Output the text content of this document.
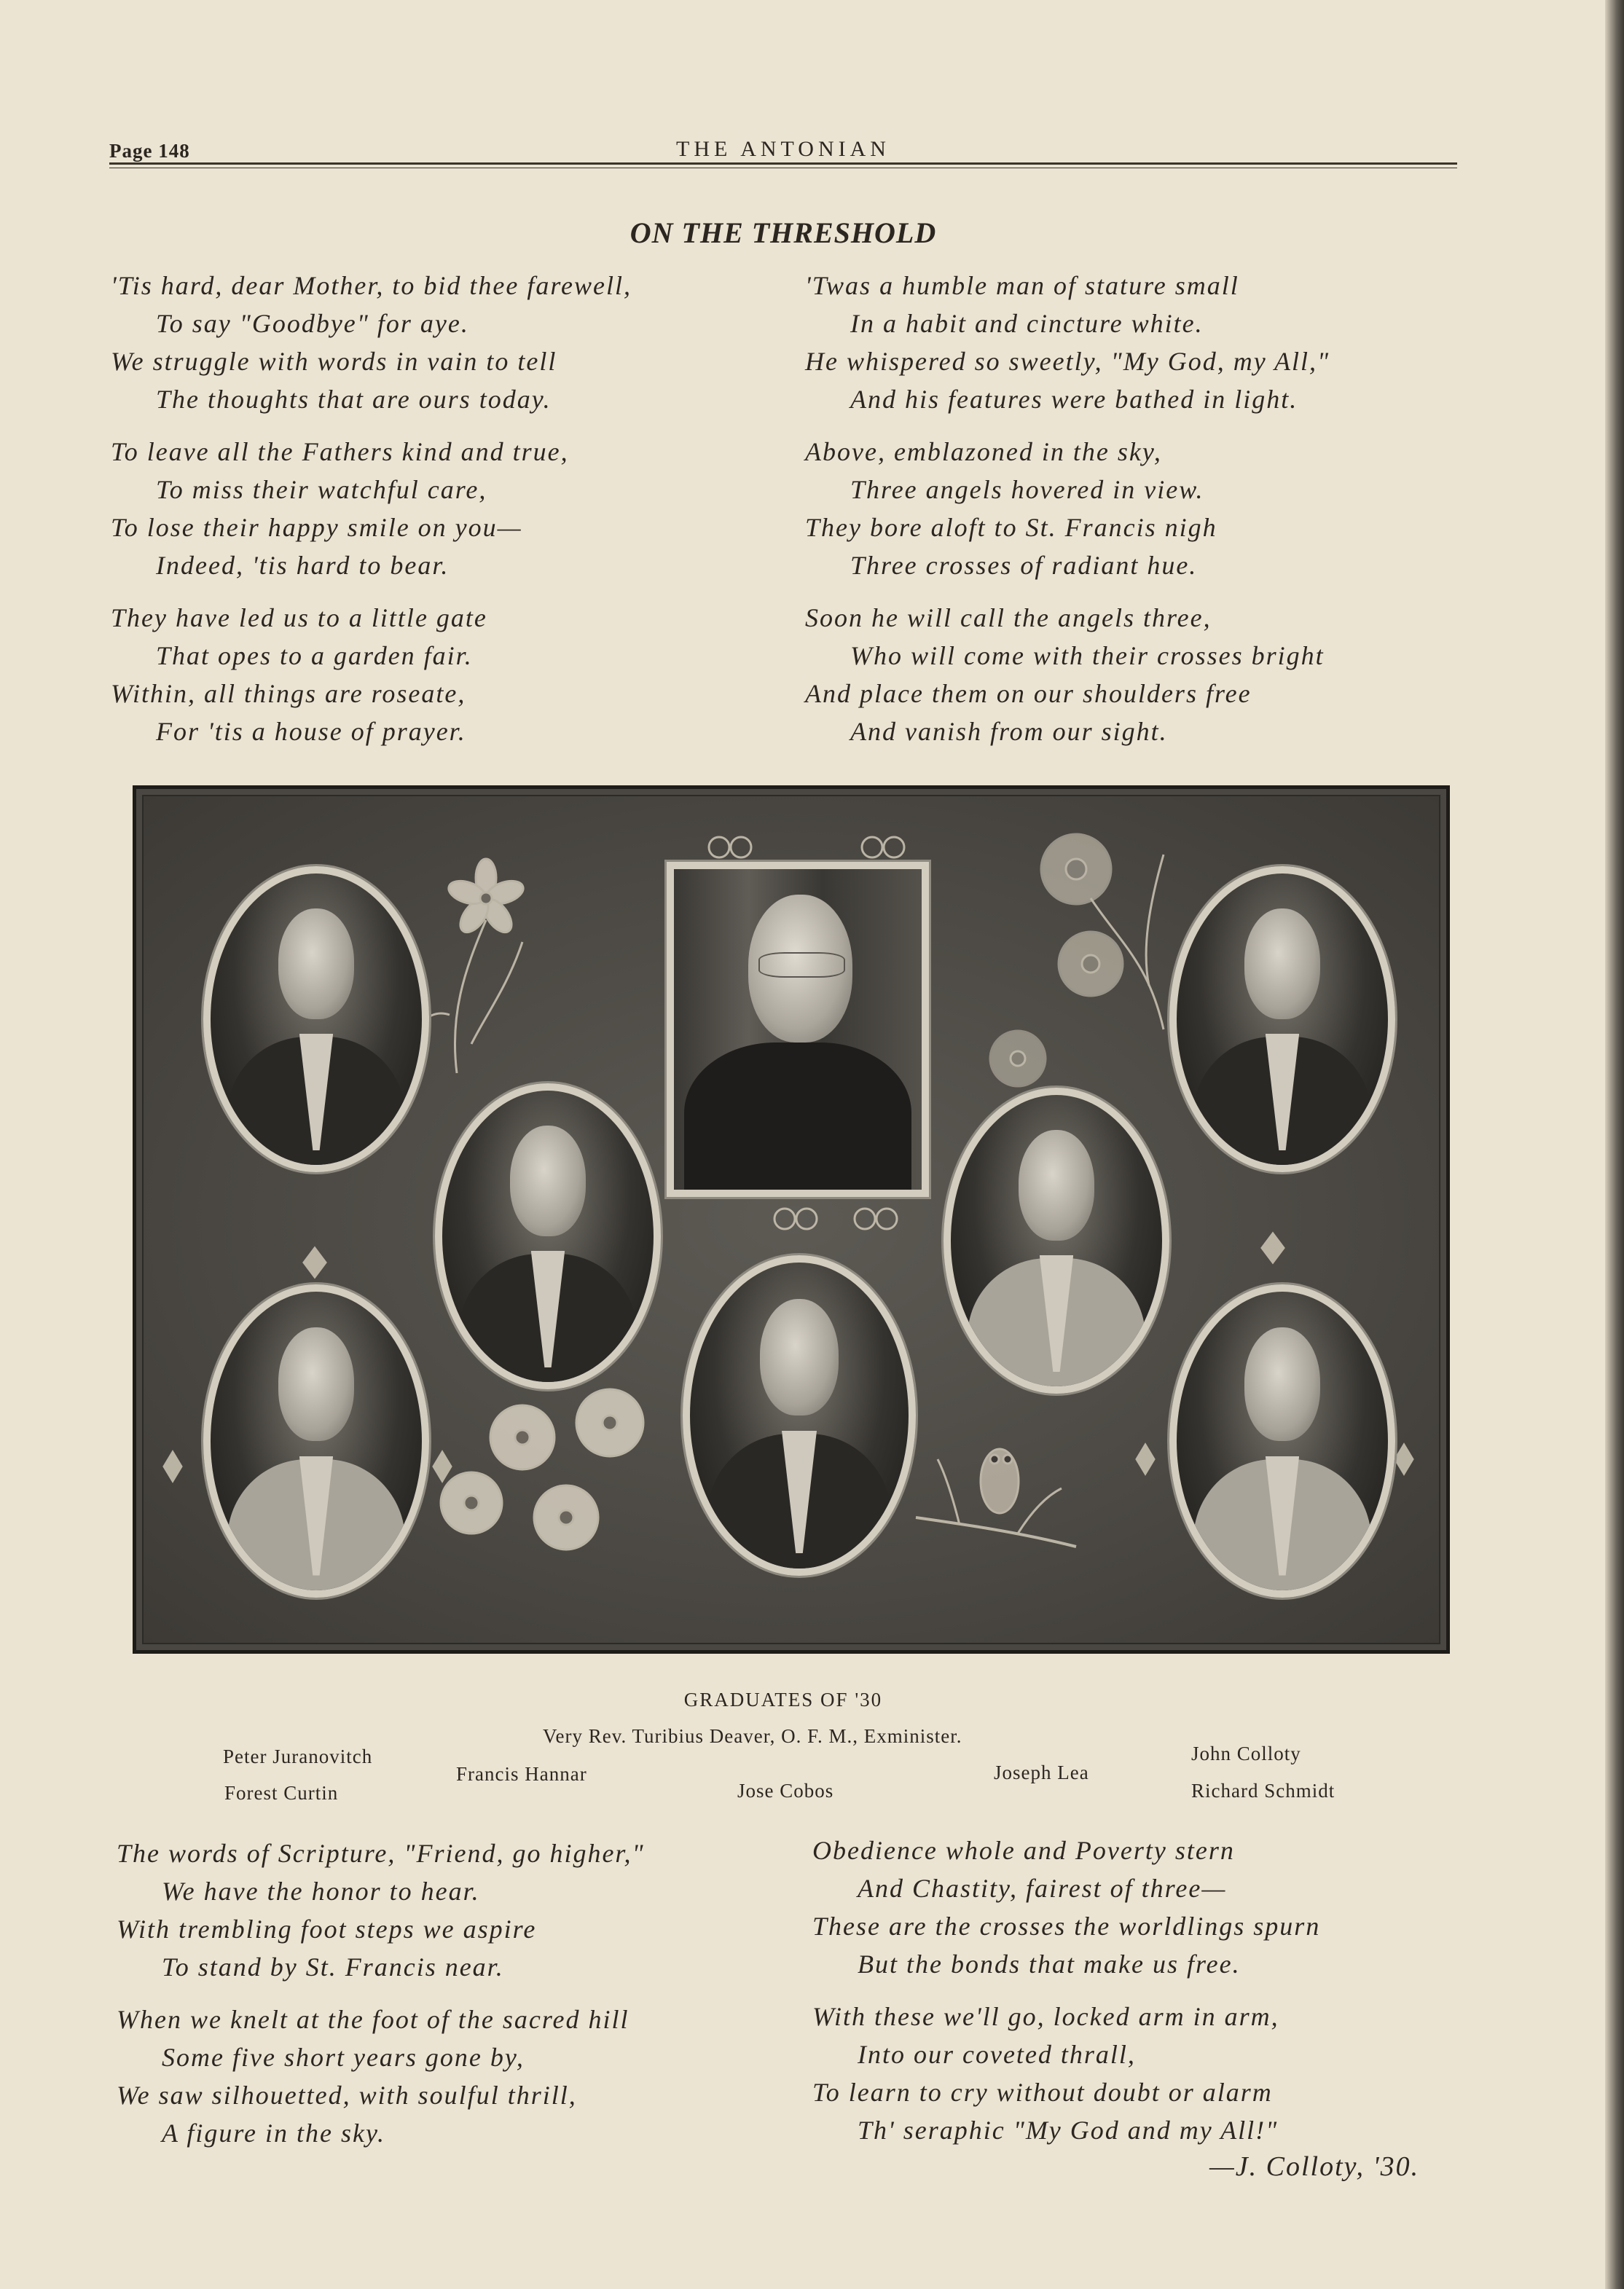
Page 148	THE ANTONIAN
ON THE THRESHOLD
'Tis hard, dear Mother, to bid thee farewell,
To say "Goodbye" for aye.
We struggle with words in vain to tell
The thoughts that are ours today.
To leave all the Fathers kind and true,
To miss their watchful care,
To lose their happy smile on you—
Indeed, 'tis hard to bear.
They have led us to a little gate
That opes to a garden fair.
Within, all things are roseate,
For 'tis a house of prayer.
'Twas a humble man of stature small
In a habit and cincture white.
He whispered so sweetly, "My God, my All,"
And his features were bathed in light.
Above, emblazoned in the sky,
Three angels hovered in view.
They bore aloft to St. Francis nigh
Three crosses of radiant hue.
Soon he will call the angels three,
Who will come with their crosses bright
And place them on our shoulders free
And vanish from our sight.
GRADUATES OF '30
Very Rev. Turibius Deaver, O. F. M., Exminister.
Peter Juranovitch
Forest Curtin
Francis Hannar
Jose Cobos
Joseph Lea
John Colloty
Richard Schmidt
The words of Scripture, "Friend, go higher,"
We have the honor to hear.
With trembling foot steps we aspire
To stand by St. Francis near.
When we knelt at the foot of the sacred hill
Some five short years gone by,
We saw silhouetted, with soulful thrill,
A figure in the sky.
Obedience whole and Poverty stern
And Chastity, fairest of three—
These are the crosses the worldlings spurn
But the bonds that make us free.
With these we'll go, locked arm in arm,
Into our coveted thrall,
To learn to cry without doubt or alarm
Th' seraphic "My God and my All!"
—J. Colloty, '30.
